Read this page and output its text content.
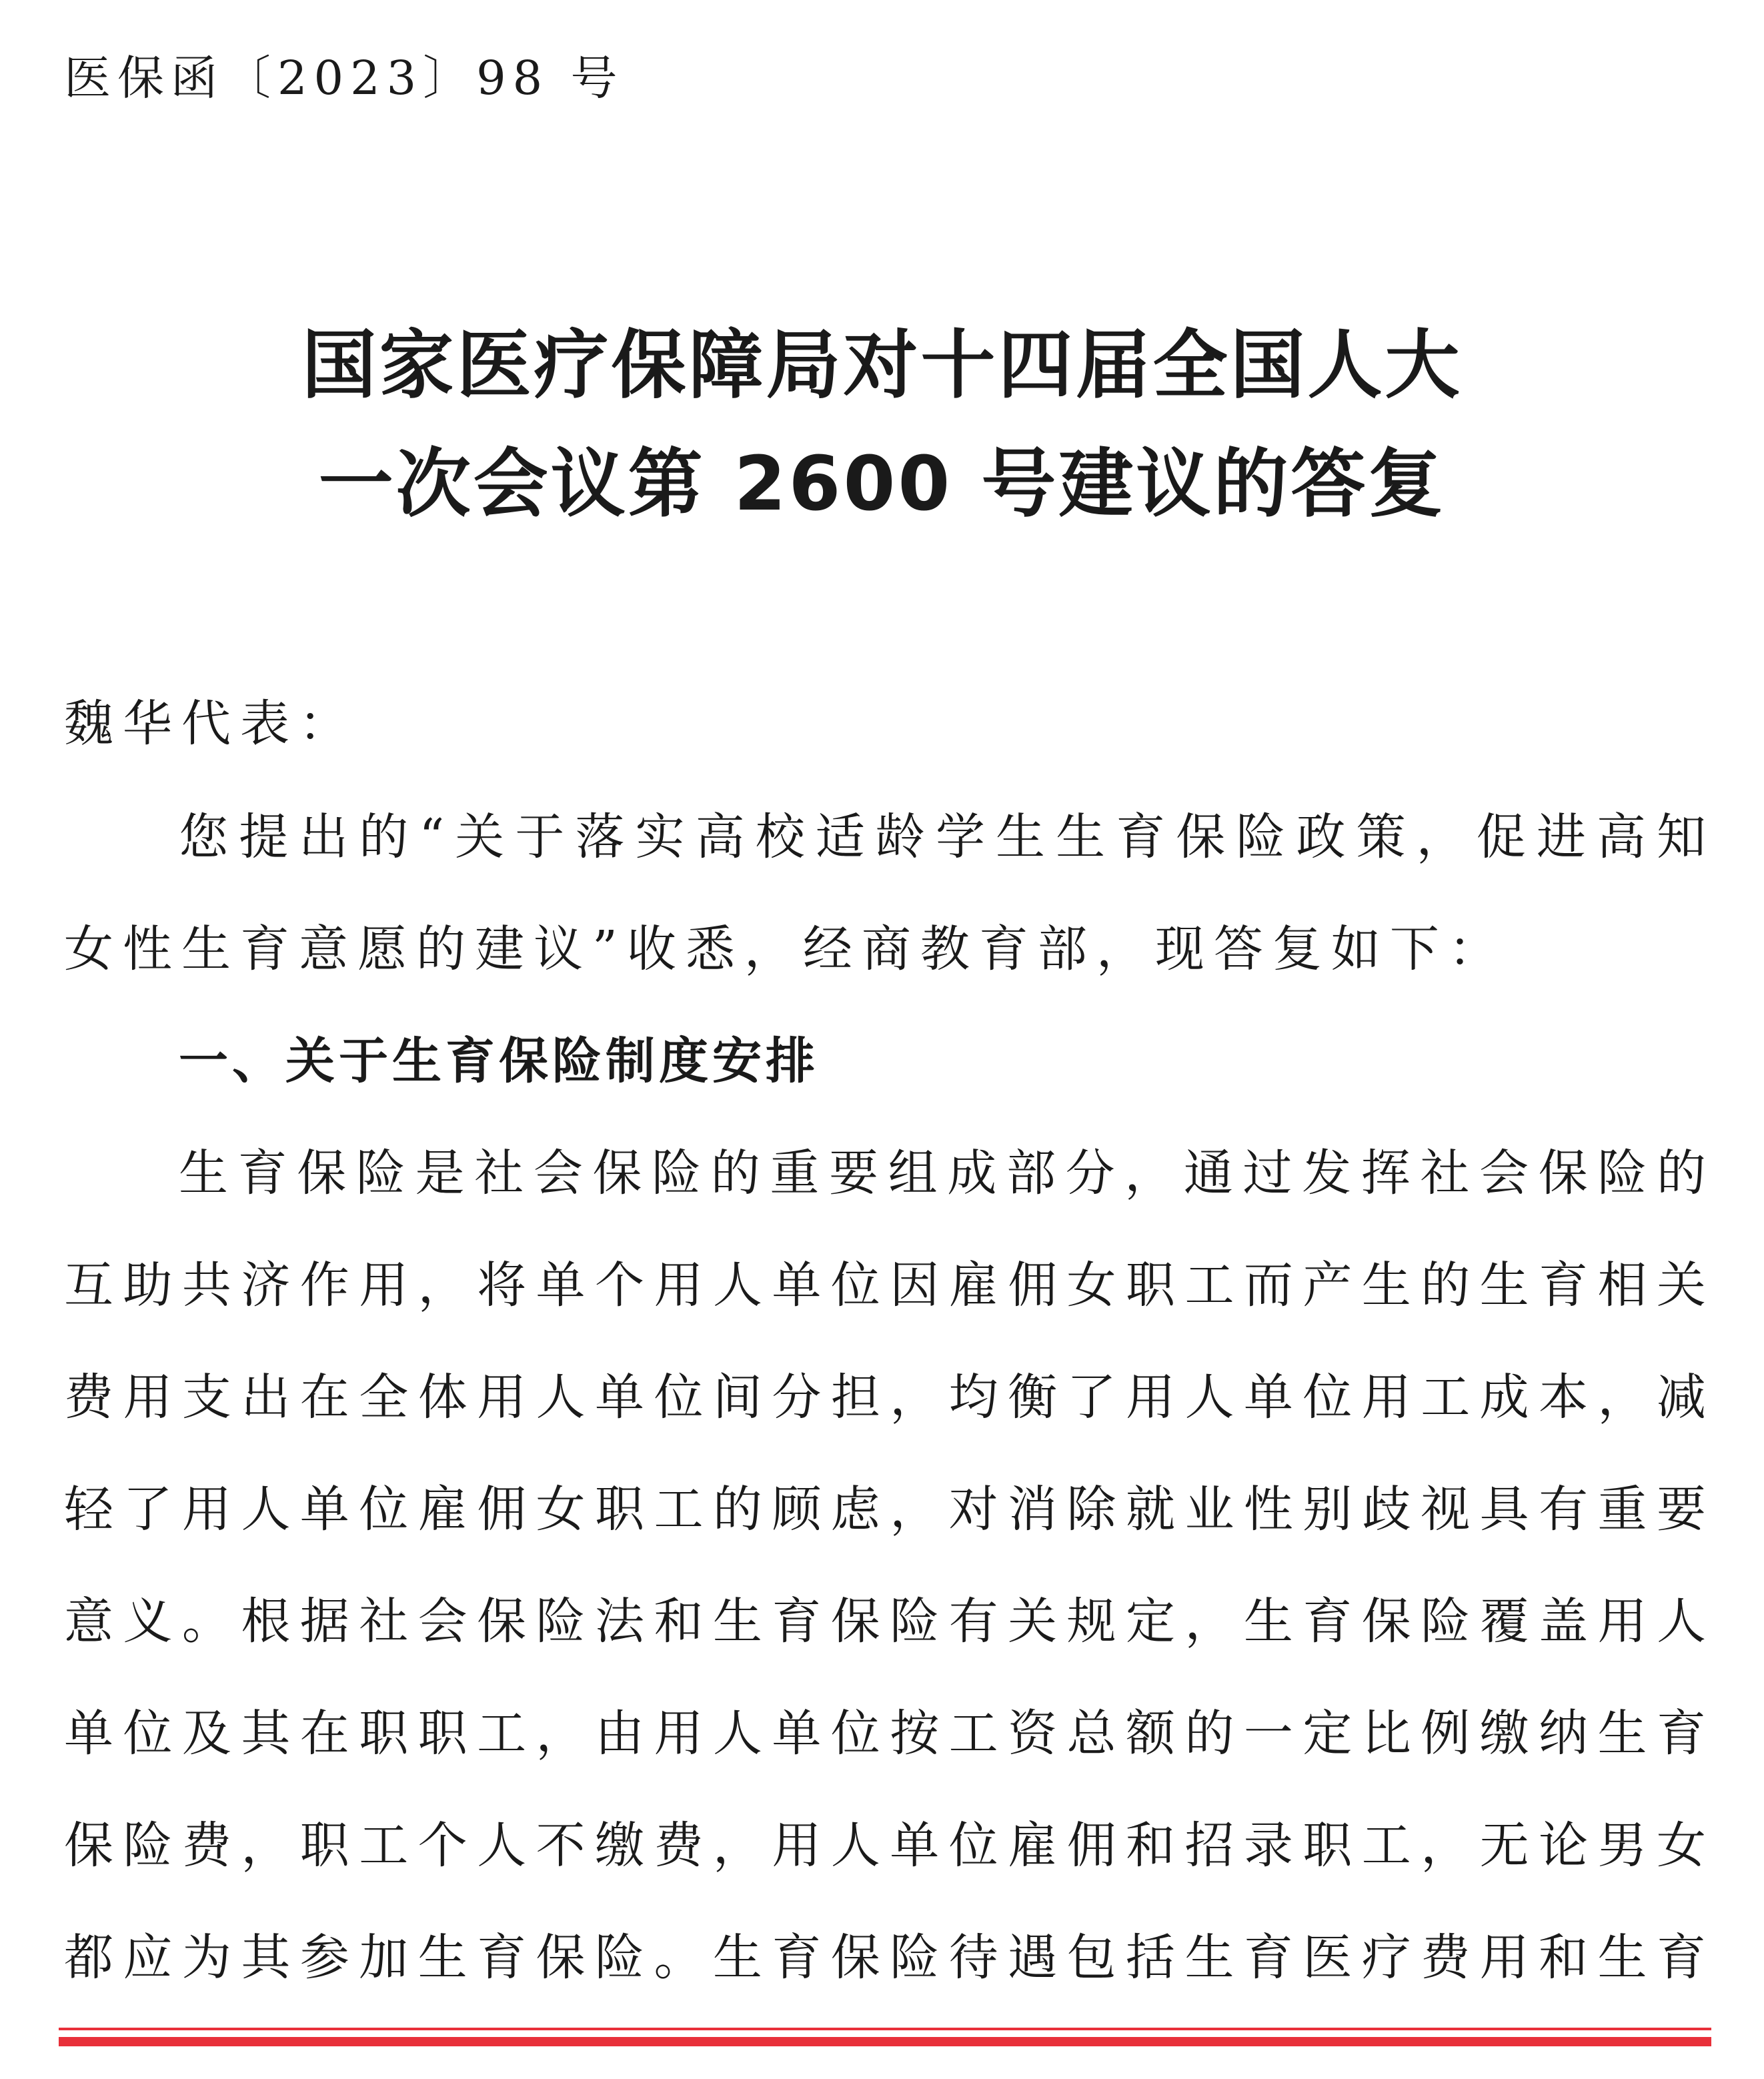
医保函〔2023〕98 号
国家医疗保障局对十四届全国人大
一次会议第 2600 号建议的答复
魏华代表：
您提出的“关于落实高校适龄学生生育保险政策，促进高知
女性生育意愿的建议”收悉，经商教育部，现答复如下：
一、关于生育保险制度安排
生育保险是社会保险的重要组成部分，通过发挥社会保险的
互助共济作用，将单个用人单位因雇佣女职工而产生的生育相关
费用支出在全体用人单位间分担，均衡了用人单位用工成本，减
轻了用人单位雇佣女职工的顾虑，对消除就业性别歧视具有重要
意义。根据社会保险法和生育保险有关规定，生育保险覆盖用人
单位及其在职职工，由用人单位按工资总额的一定比例缴纳生育
保险费，职工个人不缴费，用人单位雇佣和招录职工，无论男女
都应为其参加生育保险。生育保险待遇包括生育医疗费用和生育
